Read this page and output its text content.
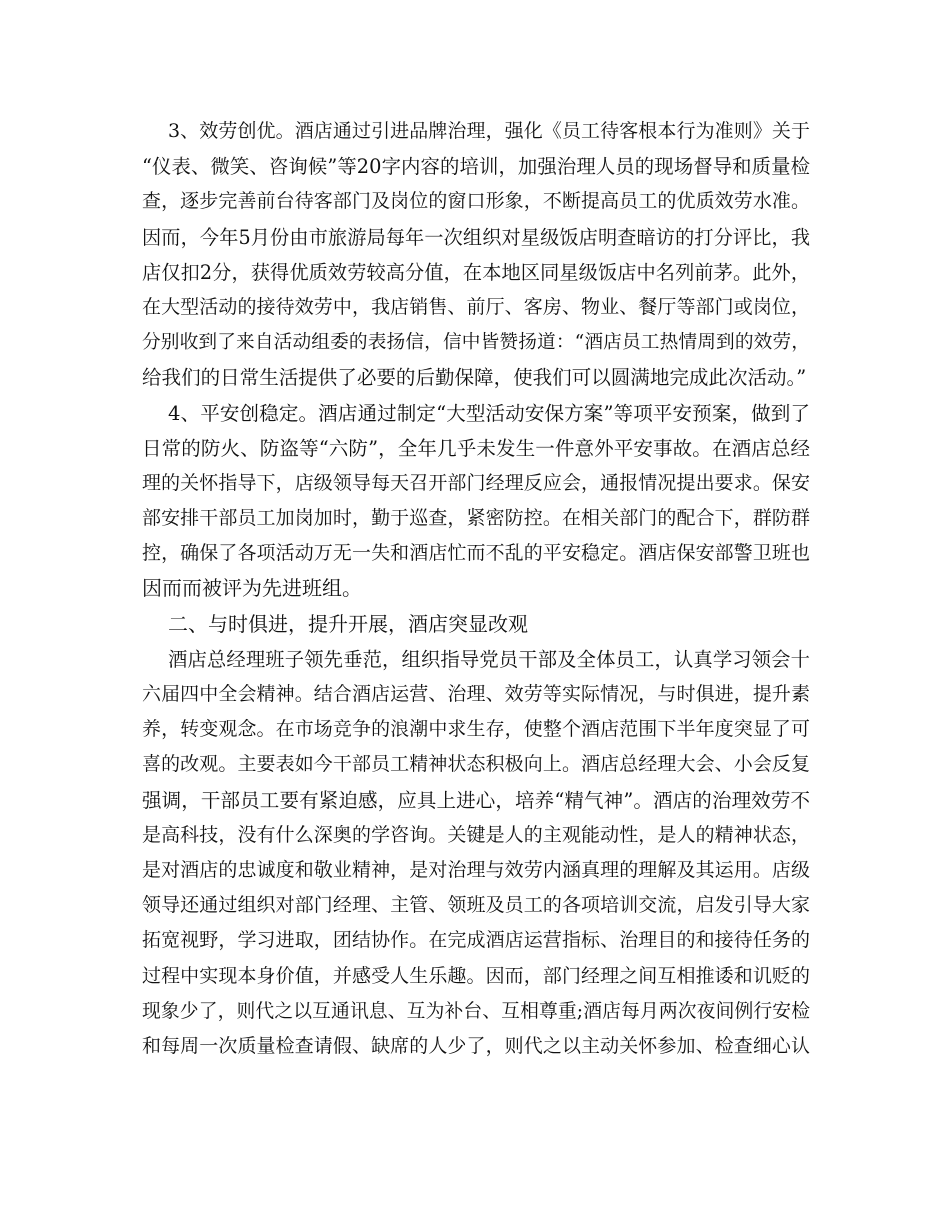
3、效劳创优。酒店通过引进品牌治理，强化《员工待客根本行为准则》关于
“仪表、微笑、咨询候”等20字内容的培训，加强治理人员的现场督导和质量检
查，逐步完善前台待客部门及岗位的窗口形象，不断提高员工的优质效劳水准。
因而，今年5月份由市旅游局每年一次组织对星级饭店明查暗访的打分评比，我
店仅扣2分，获得优质效劳较高分值，在本地区同星级饭店中名列前茅。此外，
在大型活动的接待效劳中，我店销售、前厅、客房、物业、餐厅等部门或岗位，
分别收到了来自活动组委的表扬信，信中皆赞扬道：“酒店员工热情周到的效劳，
给我们的日常生活提供了必要的后勤保障，使我们可以圆满地完成此次活动。”
4、平安创稳定。酒店通过制定“大型活动安保方案”等项平安预案，做到了
日常的防火、防盗等“六防”，全年几乎未发生一件意外平安事故。在酒店总经
理的关怀指导下，店级领导每天召开部门经理反应会，通报情况提出要求。保安
部安排干部员工加岗加时，勤于巡查，紧密防控。在相关部门的配合下，群防群
控，确保了各项活动万无一失和酒店忙而不乱的平安稳定。酒店保安部警卫班也
因而而被评为先进班组。
二、与时俱进，提升开展，酒店突显改观
酒店总经理班子领先垂范，组织指导党员干部及全体员工，认真学习领会十
六届四中全会精神。结合酒店运营、治理、效劳等实际情况，与时俱进，提升素
养，转变观念。在市场竞争的浪潮中求生存，使整个酒店范围下半年度突显了可
喜的改观。主要表如今干部员工精神状态积极向上。酒店总经理大会、小会反复
强调，干部员工要有紧迫感，应具上进心，培养“精气神”。酒店的治理效劳不
是高科技，没有什么深奥的学咨询。关键是人的主观能动性，是人的精神状态，
是对酒店的忠诚度和敬业精神，是对治理与效劳内涵真理的理解及其运用。店级
领导还通过组织对部门经理、主管、领班及员工的各项培训交流，启发引导大家
拓宽视野，学习进取，团结协作。在完成酒店运营指标、治理目的和接待任务的
过程中实现本身价值，并感受人生乐趣。因而，部门经理之间互相推诿和讥贬的
现象少了，则代之以互通讯息、互为补台、互相尊重;酒店每月两次夜间例行安检
和每周一次质量检查请假、缺席的人少了，则代之以主动关怀参加、检查细心认
